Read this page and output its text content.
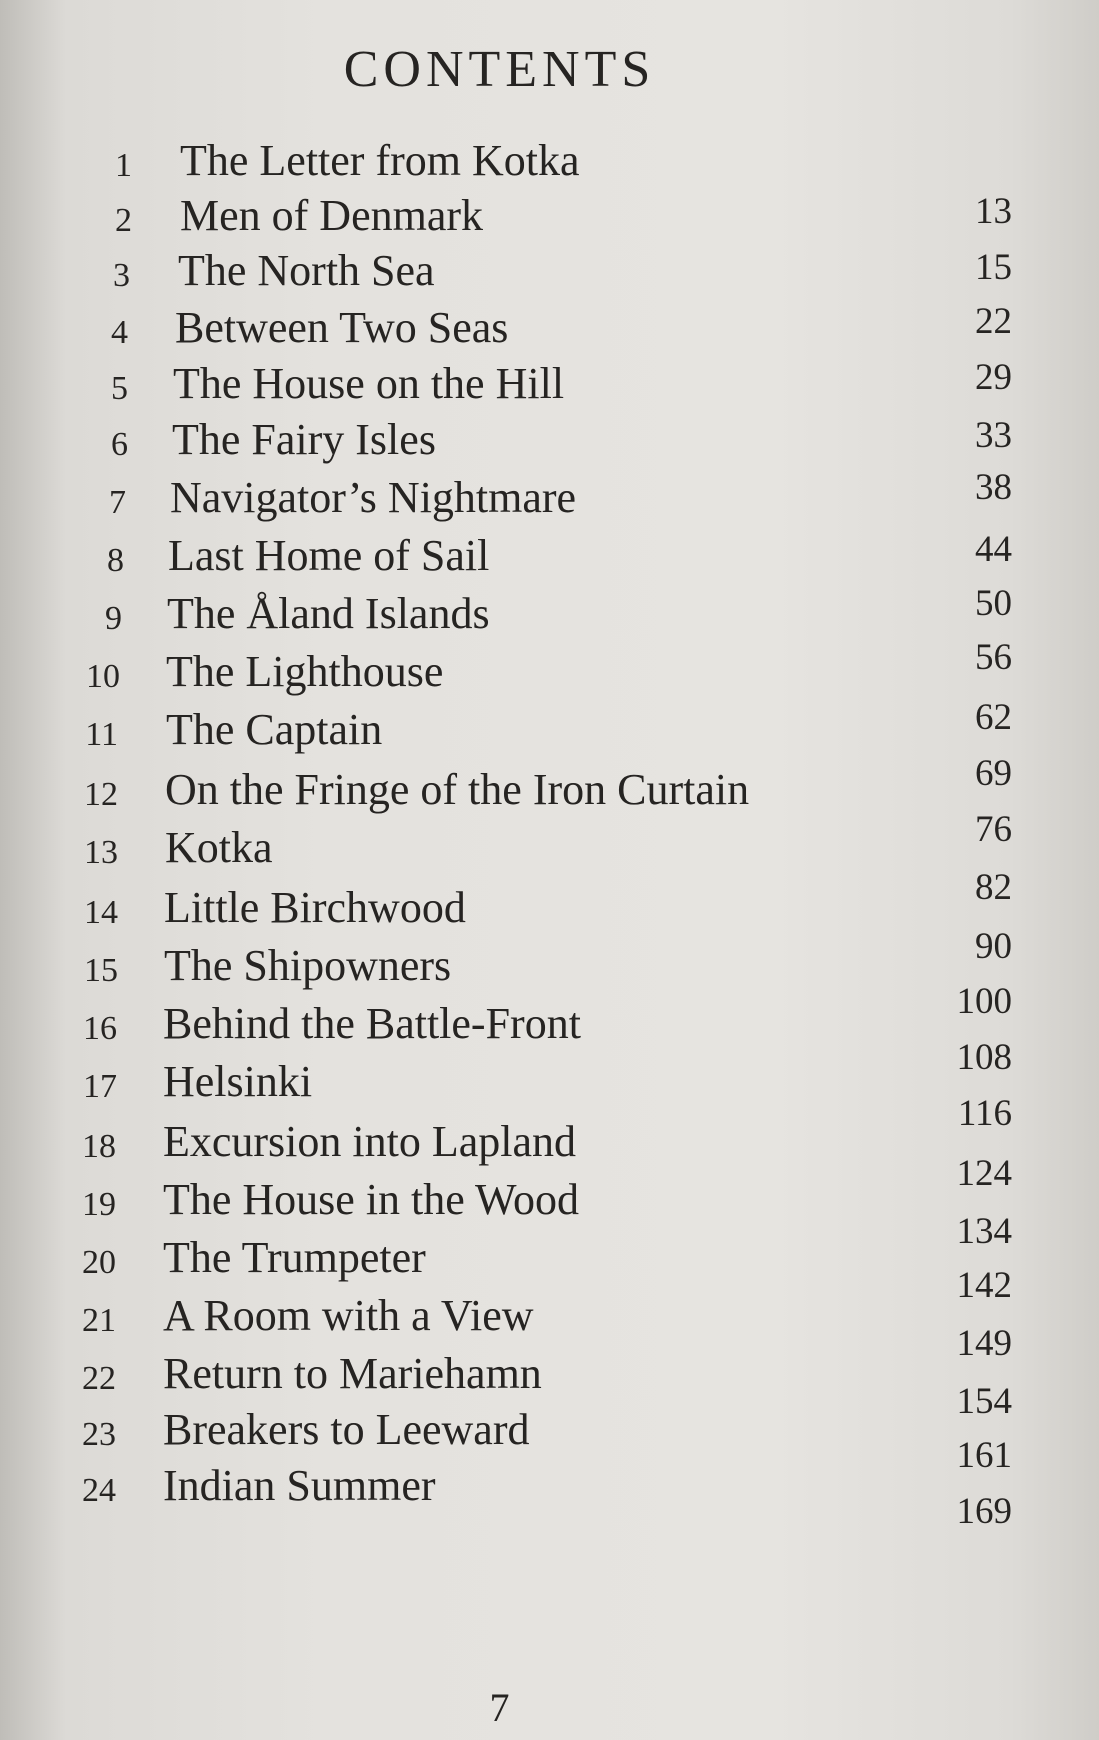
CONTENTS
1 The Letter from Kotka
13
2 Men of Denmark
15
3 The North Sea
22
4 Between Two Seas
29
5 The House on the Hill
33
6 The Fairy Isles
38
7 Navigator’s Nightmare
44
8 Last Home of Sail
50
9 The Åland Islands
56
10 The Lighthouse
62
11 The Captain
69
12 On the Fringe of the Iron Curtain
76
13 Kotka
82
14 Little Birchwood
90
15 The Shipowners
100
16 Behind the Battle-Front
108
17 Helsinki
116
18 Excursion into Lapland
124
19 The House in the Wood
134
20 The Trumpeter
142
21 A Room with a View
149
22 Return to Mariehamn
154
23 Breakers to Leeward
161
24 Indian Summer
169
7
